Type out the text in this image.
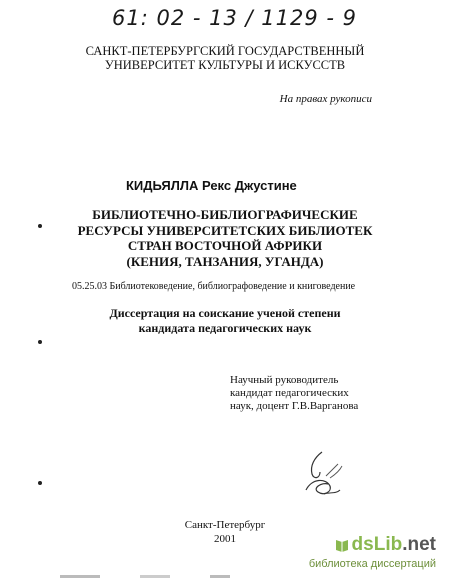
61: 02 - 13 / 1129 - 9
САНКТ-ПЕТЕРБУРГСКИЙ ГОСУДАРСТВЕННЫЙ
УНИВЕРСИТЕТ КУЛЬТУРЫ И ИСКУССТВ
На правах рукописи
КИДЬЯЛЛА Рекс Джустине
БИБЛИОТЕЧНО-БИБЛИОГРАФИЧЕСКИЕ
РЕСУРСЫ УНИВЕРСИТЕТСКИХ БИБЛИОТЕК
СТРАН ВОСТОЧНОЙ АФРИКИ
(КЕНИЯ, ТАНЗАНИЯ, УГАНДА)
05.25.03 Библиотековедение, библиографоведение и книговедение
Диссертация на соискание ученой степени
кандидата педагогических наук
Научный руководитель
кандидат педагогических
наук, доцент Г.В.Варганова
Санкт-Петербург
2001	dsLib.net
библиотека диссертаций
